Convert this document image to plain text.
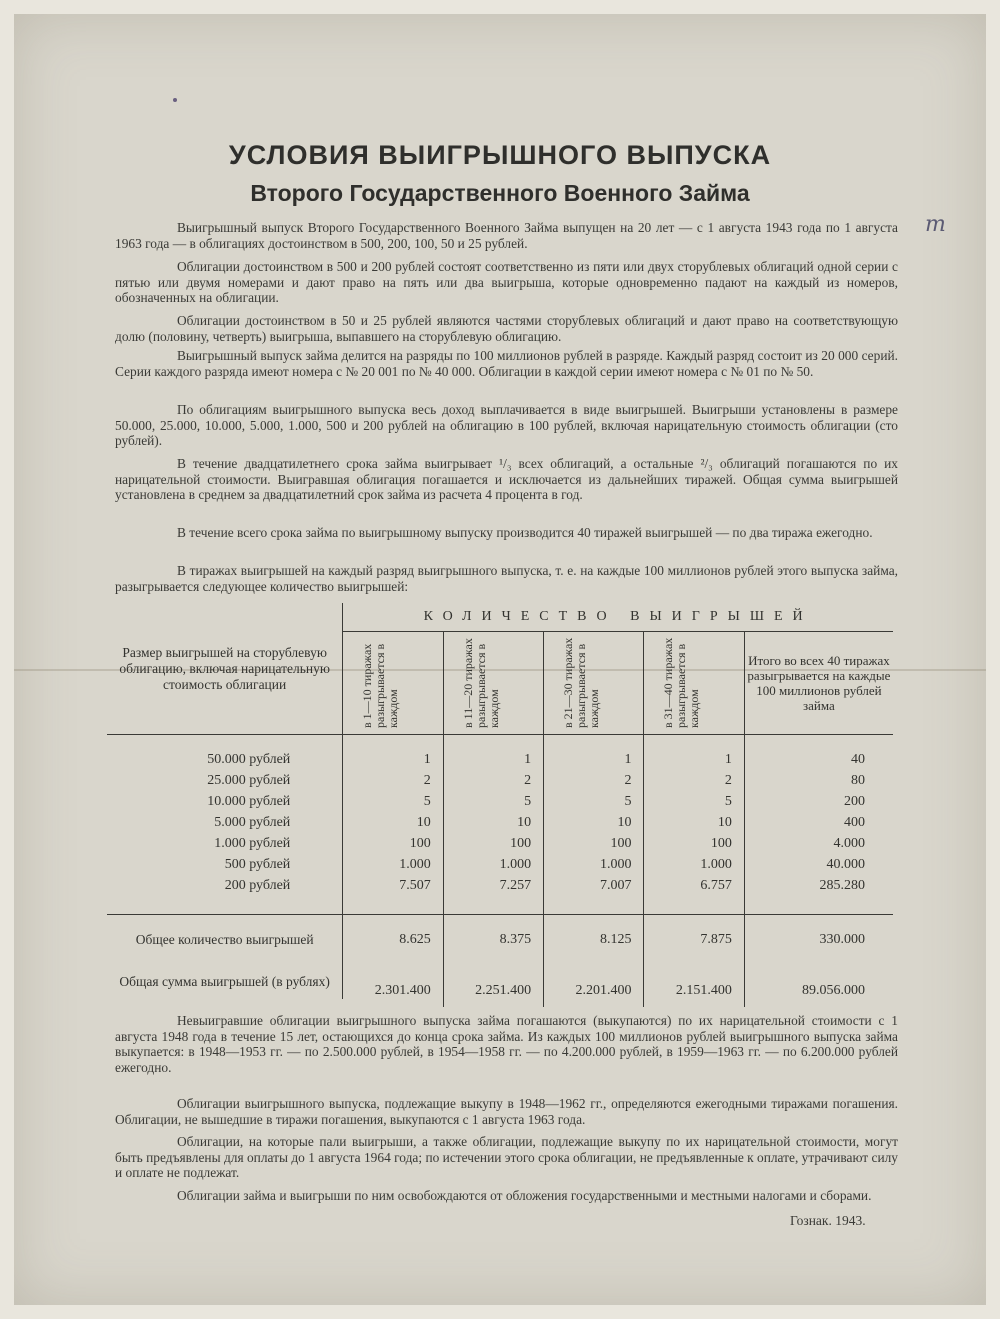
m
УСЛОВИЯ ВЫИГРЫШНОГО ВЫПУСКА
Второго Государственного Военного Займа
Выигрышный выпуск Второго Государственного Военного Займа выпущен на 20 лет — с 1 августа 1943 года по 1 августа 1963 года — в облигациях достоинством в 500, 200, 100, 50 и 25 рублей.
Облигации достоинством в 500 и 200 рублей состоят соответственно из пяти или двух сторублевых облигаций одной серии с пятью или двумя номерами и дают право на пять или два выигрыша, которые одновременно падают на каждый из номеров, обозначенных на облигации.
Облигации достоинством в 50 и 25 рублей являются частями сторублевых облигаций и дают право на соответствующую долю (половину, четверть) выигрыша, выпавшего на сторублевую облигацию.
Выигрышный выпуск займа делится на разряды по 100 миллионов рублей в разряде. Каждый разряд состоит из 20 000 серий. Серии каждого разряда имеют номера с № 20 001 по № 40 000. Облигации в каждой серии имеют номера с № 01 по № 50.
По облигациям выигрышного выпуска весь доход выплачивается в виде выигрышей. Выигрыши установлены в размере 50.000, 25.000, 10.000, 5.000, 1.000, 500 и 200 рублей на облигацию в 100 рублей, включая нарицательную стоимость облигации (сто рублей).
В течение двадцатилетнего срока займа выигрывает ¹/₃ всех облигаций, а остальные ²/₃ облигаций погашаются по их нарицательной стоимости. Выигравшая облигация погашается и исключается из дальнейших тиражей. Общая сумма выигрышей установлена в среднем за двадцатилетний срок займа из расчета 4 процента в год.
В течение всего срока займа по выигрышному выпуску производится 40 тиражей выигрышей — по два тиража ежегодно.
В тиражах выигрышей на каждый разряд выигрышного выпуска, т. е. на каждые 100 миллионов рублей этого выпуска займа, разыгрывается следующее количество выигрышей:
Размер выигрышей на сторублевую облигацию, включая нарицательную стоимость облигации	КОЛИЧЕСТВО ВЫИГРЫШЕЙ				

	в 1—10 тиражах разыгрывается в каждом	в 11—20 тиражах разыгрывается в каждом	в 21—30 тиражах разыгрывается в каждом	в 31—40 тиражах разыгрывается в каждом	Итого во всех 40 тиражах разыгрывается на каждые 100 миллионов рублей займа

50.000 рублей	1	1	1	1	40
25.000 рублей	2	2	2	2	80
10.000 рублей	5	5	5	5	200
5.000 рублей	10	10	10	10	400
1.000 рублей	100	100	100	100	4.000
500 рублей	1.000	1.000	1.000	1.000	40.000
200 рублей	7.507	7.257	7.007	6.757	285.280

Общее количество выигрышей	8.625	8.375	8.125	7.875	330.000

Общая сумма выигрышей (в рублях)	2.301.400	2.251.400	2.201.400	2.151.400	89.056.000

Невыигравшие облигации выигрышного выпуска займа погашаются (выкупаются) по их нарицательной стоимости с 1 августа 1948 года в течение 15 лет, остающихся до конца срока займа. Из каждых 100 миллионов рублей выигрышного выпуска займа выкупается: в 1948—1953 гг. — по 2.500.000 рублей, в 1954—1958 гг. — по 4.200.000 рублей, в 1959—1963 гг. — по 6.200.000 рублей ежегодно.
Облигации выигрышного выпуска, подлежащие выкупу в 1948—1962 гг., определяются ежегодными тиражами погашения. Облигации, не вышедшие в тиражи погашения, выкупаются с 1 августа 1963 года.
Облигации, на которые пали выигрыши, а также облигации, подлежащие выкупу по их нарицательной стоимости, могут быть предъявлены для оплаты до 1 августа 1964 года; по истечении этого срока облигации, не предъявленные к оплате, утрачивают силу и оплате не подлежат.
Облигации займа и выигрыши по ним освобождаются от обложения государственными и местными налогами и сборами.
Гознак. 1943.
